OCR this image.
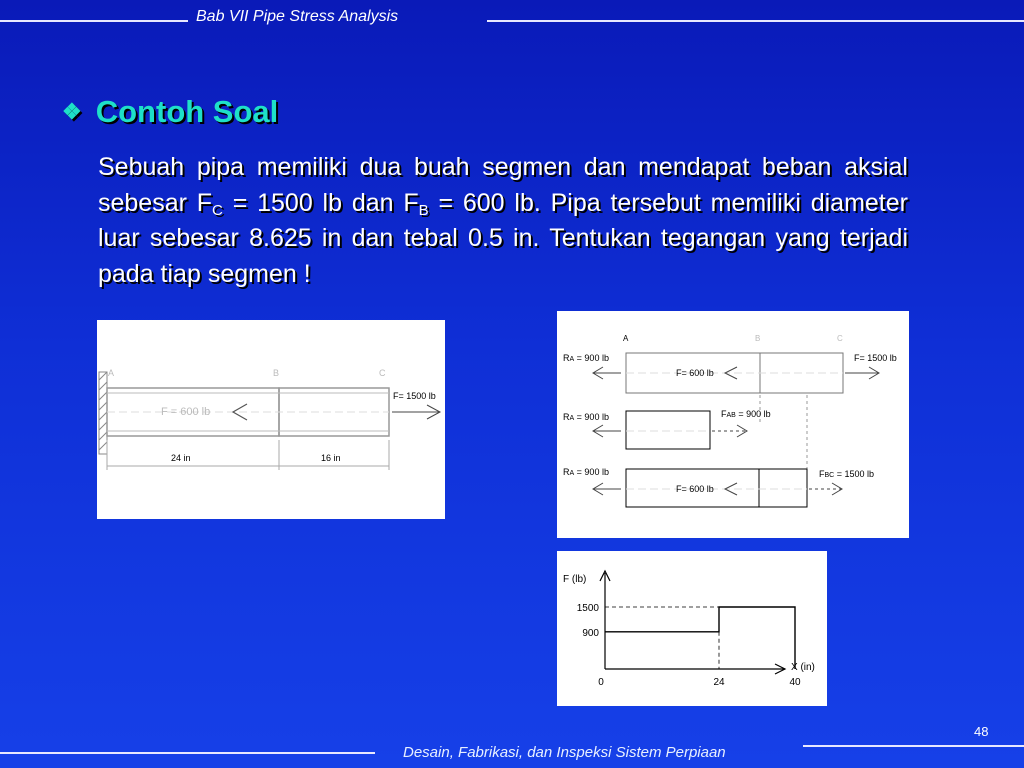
Bab VII Pipe Stress Analysis
❖ Contoh Soal
Sebuah pipa memiliki dua buah segmen dan mendapat beban aksial sebesar $F_C = 1500$ lb dan $F_B = 600$ lb. Pipa tersebut memiliki diameter luar sebesar 8.625 in dan tebal 0.5 in. Tentukan tegangan yang terjadi pada tiap segmen !
A	B	C
F = 600 lb
F= 1500 lb
24 in	16 in
A	B	C
RA = 900 lb
F= 600 lb
F= 1500 lb
RA = 900 lb	FAB = 900 lb
RA = 900 lb
F= 600 lb
FBC = 1500 lb
F (lb)
X (in)
900
1500
0	24	40
48
Desain, Fabrikasi, dan Inspeksi Sistem Perpiaan
